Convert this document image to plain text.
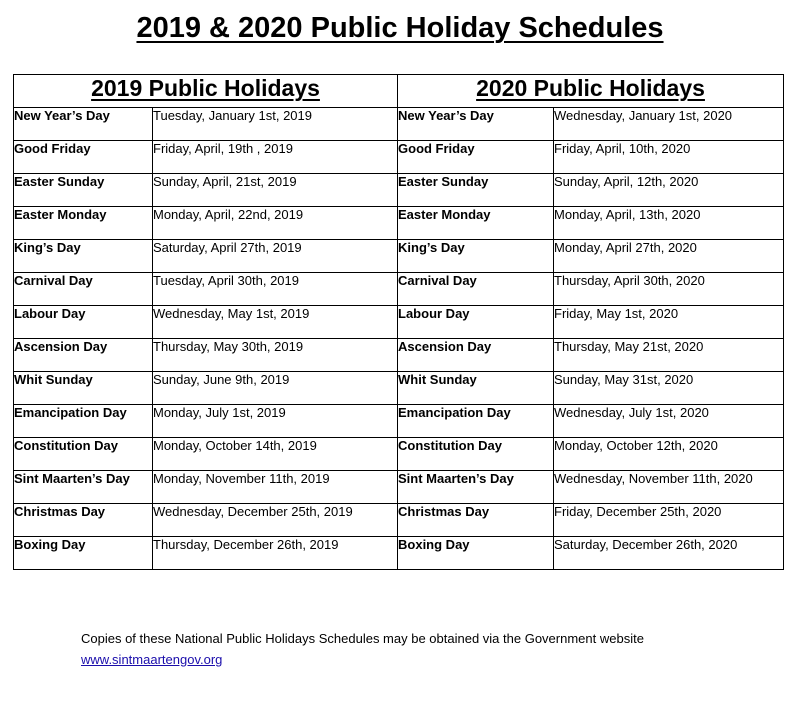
2019 & 2020 Public Holiday Schedules
2019 Public Holidays		2020 Public Holidays	
New Year’s Day	Tuesday, January 1st, 2019	New Year’s Day	Wednesday, January 1st, 2020
Good Friday	Friday, April, 19th , 2019	Good Friday	Friday, April, 10th, 2020
Easter Sunday	Sunday, April, 21st, 2019	Easter Sunday	Sunday, April, 12th, 2020
Easter Monday	Monday, April, 22nd, 2019	Easter Monday	Monday, April, 13th, 2020
King’s Day	Saturday, April 27th, 2019	King’s Day	Monday, April 27th, 2020
Carnival Day	Tuesday, April 30th, 2019	Carnival Day	Thursday, April 30th, 2020
Labour Day	Wednesday, May 1st, 2019	Labour Day	Friday, May 1st, 2020
Ascension Day	Thursday, May 30th, 2019	Ascension Day	Thursday, May 21st, 2020
Whit Sunday	Sunday, June 9th, 2019	Whit Sunday	Sunday, May 31st, 2020
Emancipation Day	Monday, July 1st, 2019	Emancipation Day	Wednesday, July 1st, 2020
Constitution Day	Monday, October 14th, 2019	Constitution Day	Monday, October 12th, 2020
Sint Maarten’s Day	Monday, November 11th, 2019	Sint Maarten’s Day	Wednesday, November 11th, 2020
Christmas Day	Wednesday, December 25th, 2019	Christmas Day	Friday, December 25th, 2020
Boxing Day	Thursday, December 26th, 2019	Boxing Day	Saturday, December 26th, 2020

Copies of these National Public Holidays Schedules may be obtained via the Government website

www.sintmaartengov.org
